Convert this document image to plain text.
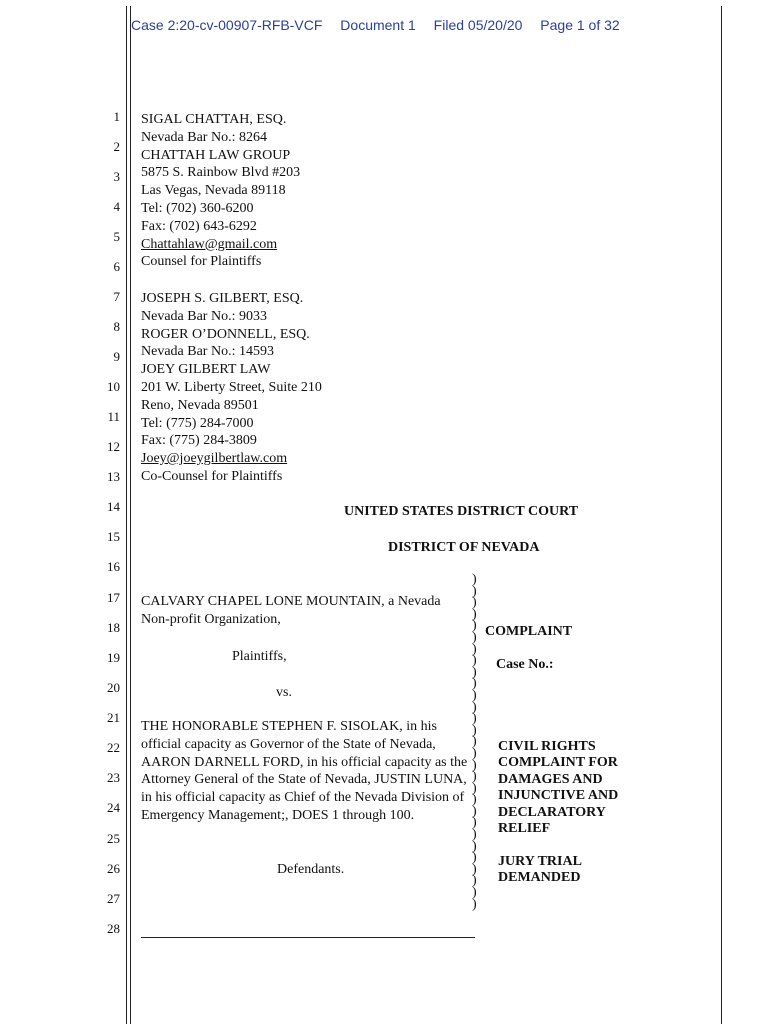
Case 2:20-cv-00907-RFB-VCF Document 1 Filed 05/20/20 Page 1 of 32
1
2
3
4
5
6
7
8
9
10
11
12
13
14
15
16
17
18
19
20
21
22
23
24
25
26
27
28
SIGAL CHATTAH, ESQ.
Nevada Bar No.: 8264
CHATTAH LAW GROUP
5875 S. Rainbow Blvd #203
Las Vegas, Nevada 89118
Tel: (702) 360-6200
Fax: (702) 643-6292
Chattahlaw@gmail.com
Counsel for Plaintiffs
JOSEPH S. GILBERT, ESQ.
Nevada Bar No.: 9033
ROGER O’DONNELL, ESQ.
Nevada Bar No.: 14593
JOEY GILBERT LAW
201 W. Liberty Street, Suite 210
Reno, Nevada 89501
Tel: (775) 284-7000
Fax: (775) 284-3809
Joey@joeygilbertlaw.com
Co-Counsel for Plaintiffs
UNITED STATES DISTRICT COURT
DISTRICT OF NEVADA
CALVARY CHAPEL LONE MOUNTAIN, a Nevada
Non-profit Organization,
Plaintiffs,
vs.
THE HONORABLE STEPHEN F. SISOLAK, in his official capacity as Governor of the State of Nevada, AARON DARNELL FORD, in his official capacity as the Attorney General of the State of Nevada, JUSTIN LUNA, in his official capacity as Chief of the Nevada Division of Emergency Management;, DOES 1 through 100.
Defendants.
)
)
)
)
)
)
)
)
)
)
)
)
)
)
)
)
)
)
)
)
)
)
)
)
)
)
)
)
)
COMPLAINT
Case No.:
CIVIL RIGHTS
COMPLAINT FOR
DAMAGES AND
INJUNCTIVE AND
DECLARATORY
RELIEF
JURY TRIAL
DEMANDED
